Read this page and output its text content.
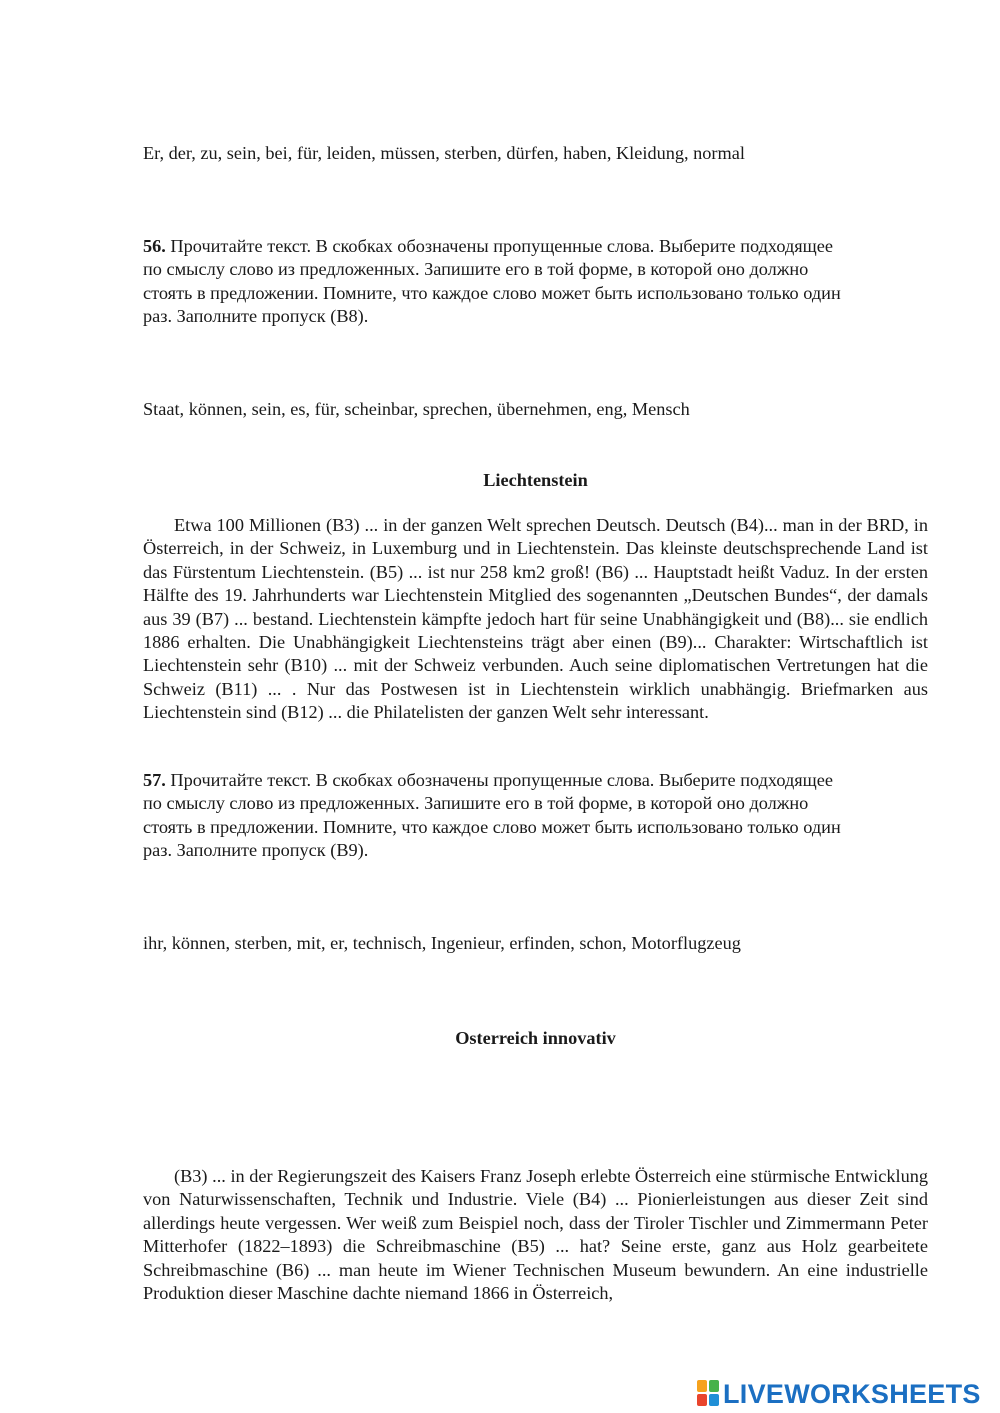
Er, der, zu, sein, bei, für, leiden, müssen, sterben, dürfen, haben, Kleidung, normal

56. Прочитайте текст. В скобках обозначены пропущенные слова. Выберите подходящее

по смыслу слово из предложенных. Запишите его в той форме, в которой оно должно

стоять в предложении. Помните, что каждое слово может быть использовано только один

раз. Заполните пропуск (B8).

Staat, können, sein, es, für, scheinbar, sprechen, übernehmen, eng, Mensch
Liechtenstein

Etwa 100 Millionen (B3) ... in der ganzen Welt sprechen Deutsch. Deutsch (B4)... man in der BRD, in Österreich, in der Schweiz, in Luxemburg und in Liechtenstein. Das kleinste deutschsprechende Land ist das Fürstentum Liechtenstein. (B5) ... ist nur 258 km2 groß! (B6) ... Hauptstadt heißt Vaduz. In der ersten Hälfte des 19. Jahrhunderts war Liechtenstein Mitglied des sogenannten „Deutschen Bundes“, der damals aus 39 (B7) ... bestand. Liechtenstein kämpfte jedoch hart für seine Unabhängigkeit und (B8)... sie endlich 1886 erhalten. Die Unabhängigkeit Liechtensteins trägt aber einen (B9)... Charakter: Wirtschaftlich ist Liechtenstein sehr (B10) ... mit der Schweiz verbunden. Auch seine diplomatischen Vertretungen hat die Schweiz (B11) ... . Nur das Postwesen ist in Liechtenstein wirklich unabhängig. Briefmarken aus Liechtenstein sind (B12) ... die Philatelisten der ganzen Welt sehr interessant.

57. Прочитайте текст. В скобках обозначены пропущенные слова. Выберите подходящее

по смыслу слово из предложенных. Запишите его в той форме, в которой оно должно

стоять в предложении. Помните, что каждое слово может быть использовано только один

раз. Заполните пропуск (B9).

ihr, können, sterben, mit, er, technisch, Ingenieur, erfinden, schon, Motorflugzeug
Osterreich innovativ

(B3) ... in der Regierungszeit des Kaisers Franz Joseph erlebte Österreich eine stürmische Entwicklung von Naturwissenschaften, Technik und Industrie. Viele (B4) ... Pionierleistungen aus dieser Zeit sind allerdings heute vergessen. Wer weiß zum Beispiel noch, dass der Tiroler Tischler und Zimmermann Peter Mitterhofer (1822–1893) die Schreibmaschine (B5) ... hat? Seine erste, ganz aus Holz gearbeitete Schreibmaschine (B6) ... man heute im Wiener Technischen Museum bewundern. An eine industrielle Produktion dieser Maschine dachte niemand 1866 in Österreich,

LIVEWORKSHEETS
